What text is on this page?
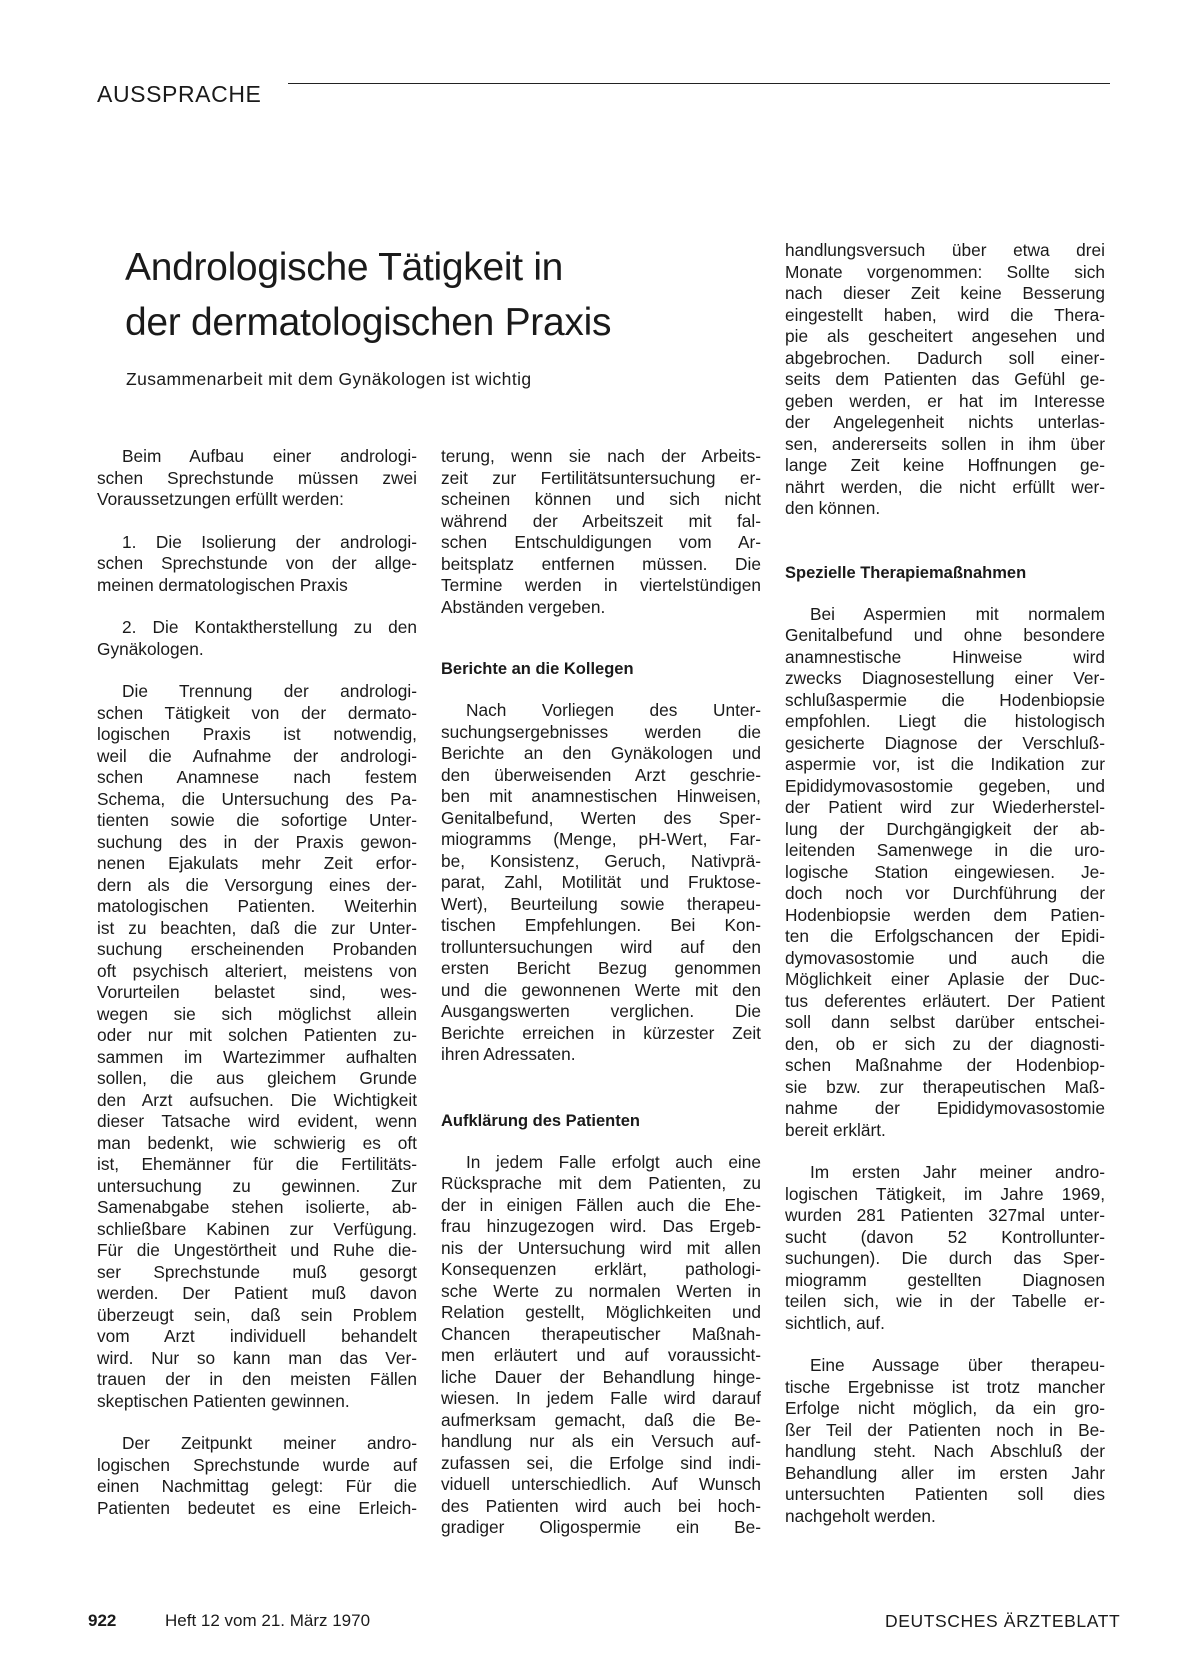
AUSSPRACHE
Andrologische Tätigkeit in
der dermatologischen Praxis
Zusammenarbeit mit dem Gynäkologen ist wichtig

Beim Aufbau einer andrologi-
schen Sprechstunde müssen zwei
Voraussetzungen erfüllt werden:

1. Die Isolierung der andrologi-
schen Sprechstunde von der allge-
meinen dermatologischen Praxis

2. Die Kontaktherstellung zu den
Gynäkologen.

Die Trennung der andrologi-
schen Tätigkeit von der dermato-
logischen Praxis ist notwendig,
weil die Aufnahme der andrologi-
schen Anamnese nach festem
Schema, die Untersuchung des Pa-
tienten sowie die sofortige Unter-
suchung des in der Praxis gewon-
nenen Ejakulats mehr Zeit erfor-
dern als die Versorgung eines der-
matologischen Patienten. Weiterhin
ist zu beachten, daß die zur Unter-
suchung erscheinenden Probanden
oft psychisch alteriert, meistens von
Vorurteilen belastet sind, wes-
wegen sie sich möglichst allein
oder nur mit solchen Patienten zu-
sammen im Wartezimmer aufhalten
sollen, die aus gleichem Grunde
den Arzt aufsuchen. Die Wichtigkeit
dieser Tatsache wird evident, wenn
man bedenkt, wie schwierig es oft
ist, Ehemänner für die Fertilitäts-
untersuchung zu gewinnen. Zur
Samenabgabe stehen isolierte, ab-
schließbare Kabinen zur Verfügung.
Für die Ungestörtheit und Ruhe die-
ser Sprechstunde muß gesorgt
werden. Der Patient muß davon
überzeugt sein, daß sein Problem
vom Arzt individuell behandelt
wird. Nur so kann man das Ver-
trauen der in den meisten Fällen
skeptischen Patienten gewinnen.

Der Zeitpunkt meiner andro-
logischen Sprechstunde wurde auf
einen Nachmittag gelegt: Für die
Patienten bedeutet es eine Erleich-

terung, wenn sie nach der Arbeits-
zeit zur Fertilitätsuntersuchung er-
scheinen können und sich nicht
während der Arbeitszeit mit fal-
schen Entschuldigungen vom Ar-
beitsplatz entfernen müssen. Die
Termine werden in viertelstündigen
Abständen vergeben.

Berichte an die Kollegen

Nach Vorliegen des Unter-
suchungsergebnisses werden die
Berichte an den Gynäkologen und
den überweisenden Arzt geschrie-
ben mit anamnestischen Hinweisen,
Genitalbefund, Werten des Sper-
miogramms (Menge, pH-Wert, Far-
be, Konsistenz, Geruch, Nativprä-
parat, Zahl, Motilität und Fruktose-
Wert), Beurteilung sowie therapeu-
tischen Empfehlungen. Bei Kon-
trolluntersuchungen wird auf den
ersten Bericht Bezug genommen
und die gewonnenen Werte mit den
Ausgangswerten verglichen. Die
Berichte erreichen in kürzester Zeit
ihren Adressaten.

Aufklärung des Patienten

In jedem Falle erfolgt auch eine
Rücksprache mit dem Patienten, zu
der in einigen Fällen auch die Ehe-
frau hinzugezogen wird. Das Ergeb-
nis der Untersuchung wird mit allen
Konsequenzen erklärt, pathologi-
sche Werte zu normalen Werten in
Relation gestellt, Möglichkeiten und
Chancen therapeutischer Maßnah-
men erläutert und auf voraussicht-
liche Dauer der Behandlung hinge-
wiesen. In jedem Falle wird darauf
aufmerksam gemacht, daß die Be-
handlung nur als ein Versuch auf-
zufassen sei, die Erfolge sind indi-
viduell unterschiedlich. Auf Wunsch
des Patienten wird auch bei hoch-
gradiger Oligospermie ein Be-

handlungsversuch über etwa drei
Monate vorgenommen: Sollte sich
nach dieser Zeit keine Besserung
eingestellt haben, wird die Thera-
pie als gescheitert angesehen und
abgebrochen. Dadurch soll einer-
seits dem Patienten das Gefühl ge-
geben werden, er hat im Interesse
der Angelegenheit nichts unterlas-
sen, andererseits sollen in ihm über
lange Zeit keine Hoffnungen ge-
nährt werden, die nicht erfüllt wer-
den können.

Spezielle Therapiemaßnahmen

Bei Aspermien mit normalem
Genitalbefund und ohne besondere
anamnestische Hinweise wird
zwecks Diagnosestellung einer Ver-
schlußaspermie die Hodenbiopsie
empfohlen. Liegt die histologisch
gesicherte Diagnose der Verschluß-
aspermie vor, ist die Indikation zur
Epididymovasostomie gegeben, und
der Patient wird zur Wiederherstel-
lung der Durchgängigkeit der ab-
leitenden Samenwege in die uro-
logische Station eingewiesen. Je-
doch noch vor Durchführung der
Hodenbiopsie werden dem Patien-
ten die Erfolgschancen der Epidi-
dymovasostomie und auch die
Möglichkeit einer Aplasie der Duc-
tus deferentes erläutert. Der Patient
soll dann selbst darüber entschei-
den, ob er sich zu der diagnosti-
schen Maßnahme der Hodenbiop-
sie bzw. zur therapeutischen Maß-
nahme der Epididymovasostomie
bereit erklärt.

Im ersten Jahr meiner andro-
logischen Tätigkeit, im Jahre 1969,
wurden 281 Patienten 327mal unter-
sucht (davon 52 Kontrollunter-
suchungen). Die durch das Sper-
miogramm gestellten Diagnosen
teilen sich, wie in der Tabelle er-
sichtlich, auf.

Eine Aussage über therapeu-
tische Ergebnisse ist trotz mancher
Erfolge nicht möglich, da ein gro-
ßer Teil der Patienten noch in Be-
handlung steht. Nach Abschluß der
Behandlung aller im ersten Jahr
untersuchten Patienten soll dies
nachgeholt werden.

922	Heft 12 vom 21. März 1970	DEUTSCHES ÄRZTEBLATT
